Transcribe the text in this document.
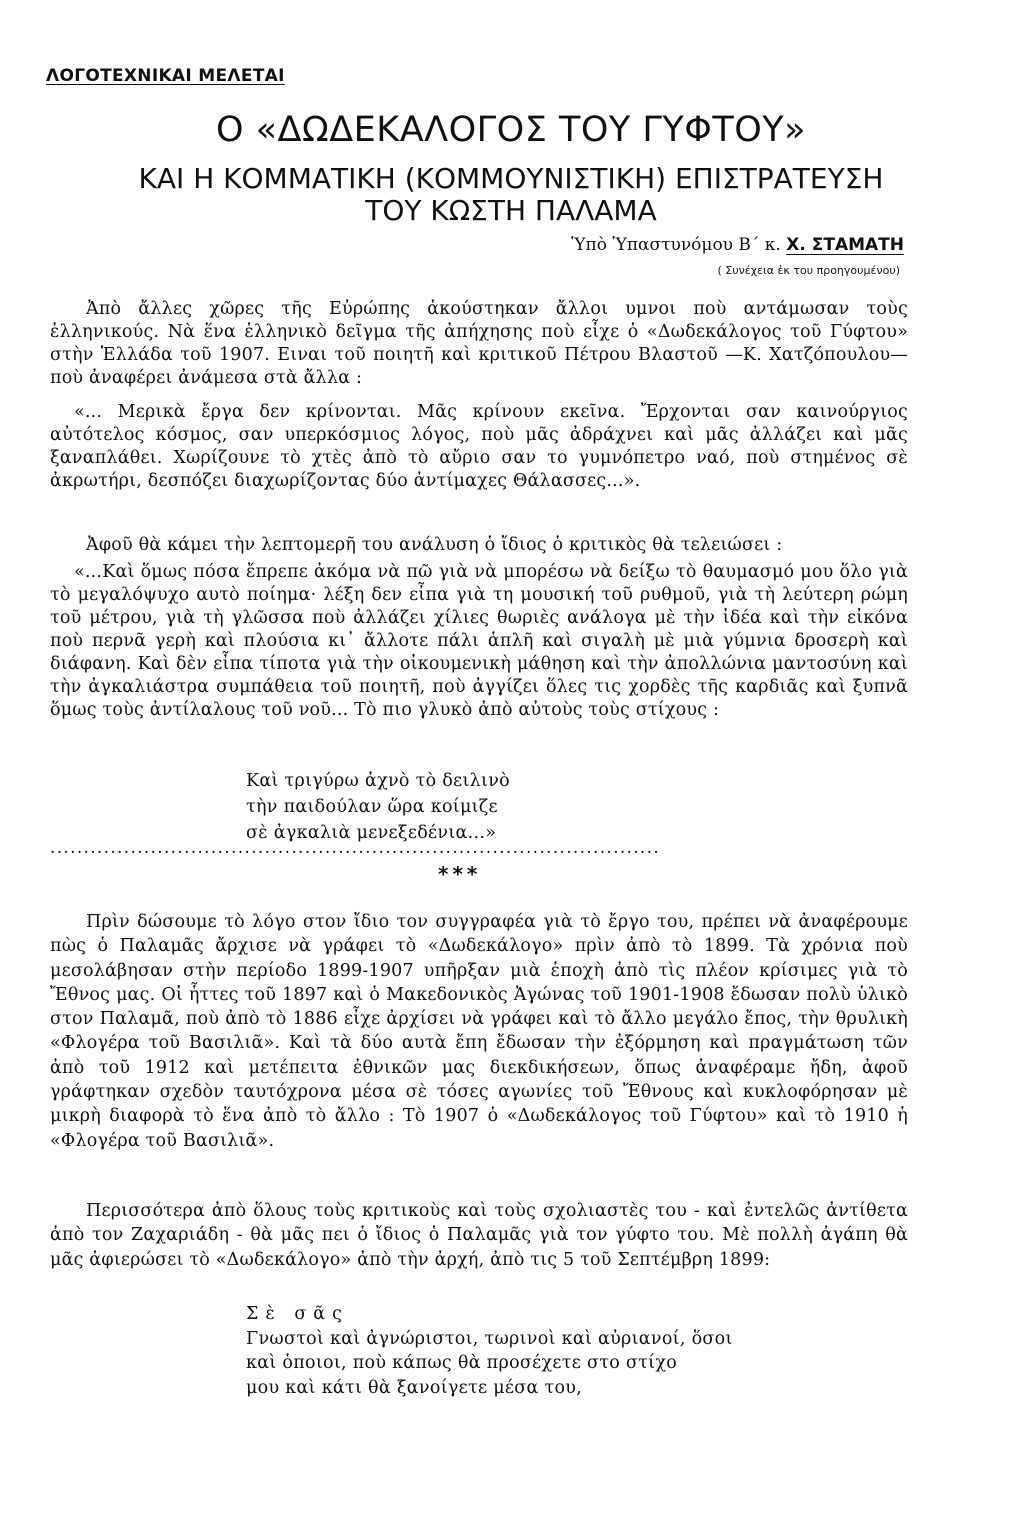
ΛΟΓΟΤΕΧΝΙΚΑΙ ΜΕΛΕΤΑΙ
Ο «ΔΩΔΕΚΑΛΟΓΟΣ ΤΟΥ ΓΥΦΤΟΥ»
ΚΑΙ Η ΚΟΜΜΑΤΙΚΗ (ΚΟΜΜΟΥΝΙΣΤΙΚΗ) ΕΠΙΣΤΡΑΤΕΥΣΗ
ΤΟΥ ΚΩΣΤΗ ΠΑΛΑΜΑ
Ὑπὸ Ὑπαστυνόμου Β΄ κ. Χ. ΣΤΑΜΑΤΗ
( Συνέχεια ἐκ του προηγουμένου)
Ἀπὸ ἄλλες χῶρες τῆς Εὐρώπης ἀκούστηκαν ἄλλοι υμνοι ποὺ αντάμωσαν τοὺς ἑλληνικούς. Νὰ ἕνα ἑλληνικὸ δεῖγμα τῆς ἀπήχησης ποὺ εἶχε ὁ «Δωδεκάλογος τοῦ Γύφτου» στὴν Ἑλλάδα τοῦ 1907. Ειναι τοῦ ποιητῆ καὶ κριτικοῦ Πέτρου Βλαστοῦ —Κ. Χατζόπουλου—ποὺ ἀναφέρει ἀνάμεσα στὰ ἄλλα :
«... Μερικὰ ἔργα δεν κρίνονται. Μᾶς κρίνουν εκεῖνα. Ἔρχονται σαν καινούργιος αὐτότελος κόσμος, σαν υπερκόσμιος λόγος, ποὺ μᾶς ἀδράχνει καὶ μᾶς ἀλλάζει καὶ μᾶς ξαναπλάθει. Χωρίζουνε τὸ χτὲς ἀπὸ τὸ αὔριο σαν το γυμνόπετρο ναό, ποὺ στημένος σὲ ἀκρωτήρι, δεσπόζει διαχωρίζοντας δύο ἀντίμαχες Θάλασσες...».
Ἀφοῦ θὰ κάμει τὴν λεπτομερῆ του ανάλυση ὁ ἴδιος ὁ κριτικὸς θὰ τελειώσει :
«...Καὶ ὅμως πόσα ἔπρεπε ἀκόμα νὰ πῶ γιὰ νὰ μπορέσω νὰ δείξω τὸ θαυμασμό μου ὅλο γιὰ τὸ μεγαλόψυχο αυτὸ ποίημα· λέξη δεν εἶπα γιὰ τη μουσική τοῦ ρυθμοῦ, γιὰ τὴ λεύτερη ρώμη τοῦ μέτρου, γιὰ τὴ γλῶσσα ποὺ ἀλλάζει χίλιες θωριὲς ανάλογα μὲ τὴν ἰδέα καὶ τὴν εἰκόνα ποὺ περνᾶ γερὴ καὶ πλούσια κι᾽ ἄλλοτε πάλι ἁπλῆ καὶ σιγαλὴ μὲ μιὰ γύμνια δροσερὴ καὶ διάφανη. Καὶ δὲν εἶπα τίποτα γιὰ τὴν οἰκουμενικὴ μάθηση καὶ τὴν ἀπολλώνια μαντοσύνη καὶ τὴν ἀγκαλιάστρα συμπάθεια τοῦ ποιητῆ, ποὺ ἀγγίζει ὅλες τις χορδὲς τῆς καρδιᾶς καὶ ξυπνᾶ ὅμως τοὺς ἀντίλαλους τοῦ νοῦ... Τὸ πιο γλυκὸ ἀπὸ αὐτοὺς τοὺς στίχους :
Καὶ τριγύρω ἀχνὸ τὸ δειλινὸ
τὴν παιδούλαν ὥρα κοίμιζε
σὲ ἀγκαλιὰ μενεξεδένια...»
...........................................................................................
* * *
Πρὶν δώσουμε τὸ λόγο στον ἴδιο τον συγγραφέα γιὰ τὸ ἔργο του, πρέπει νὰ ἀναφέρουμε πὼς ὁ Παλαμᾶς ἄρχισε νὰ γράφει τὸ «Δωδεκάλογο» πρὶν ἀπὸ τὸ 1899. Τὰ χρόνια ποὺ μεσολάβησαν στὴν περίοδο 1899-1907 υπῆρξαν μιὰ ἐποχὴ ἀπὸ τὶς πλέον κρίσιμες γιὰ τὸ Ἔθνος μας. Οἱ ἧττες τοῦ 1897 καὶ ὁ Μακεδονικὸς Ἀγώνας τοῦ 1901-1908 ἔδωσαν πολὺ ὑλικὸ στον Παλαμᾶ, ποὺ ἀπὸ τὸ 1886 εἶχε ἀρχίσει νὰ γράφει καὶ τὸ ἄλλο μεγάλο ἔπος, τὴν θρυλικὴ «Φλογέρα τοῦ Βασιλιᾶ». Καὶ τὰ δύο αυτὰ ἔπη ἔδωσαν τὴν ἐξόρμηση καὶ πραγμάτωση τῶν ἀπὸ τοῦ 1912 καὶ μετέπειτα ἐθνικῶν μας διεκδικήσεων, ὅπως ἀναφέραμε ἤδη, ἀφοῦ γράφτηκαν σχεδὸν ταυτόχρονα μέσα σὲ τόσες αγωνίες τοῦ Ἔθνους καὶ κυκλοφόρησαν μὲ μικρὴ διαφορὰ τὸ ἕνα ἀπὸ τὸ ἄλλο : Τὸ 1907 ὁ «Δωδεκάλογος τοῦ Γύφτου» καὶ τὸ 1910 ἡ «Φλογέρα τοῦ Βασιλιᾶ».
Περισσότερα ἀπὸ ὅλους τοὺς κριτικοὺς καὶ τοὺς σχολιαστὲς του - καὶ ἐντελῶς ἀντίθετα ἀπὸ τον Ζαχαριάδη - θὰ μᾶς πει ὁ ἴδιος ὁ Παλαμᾶς γιὰ τον γύφτο του. Μὲ πολλὴ ἀγάπη θὰ μᾶς ἀφιερώσει τὸ «Δωδεκάλογο» ἀπὸ τὴν ἀρχή, ἀπὸ τις 5 τοῦ Σεπτέμβρη 1899:
Σὲ σᾶς
Γνωστοὶ καὶ ἀγνώριστοι, τωρινοὶ καὶ αὐριανοί, ὅσοι
καὶ ὁποιοι, ποὺ κάπως θὰ προσέχετε στο στίχο
μου καὶ κάτι θὰ ξανοίγετε μέσα του,
